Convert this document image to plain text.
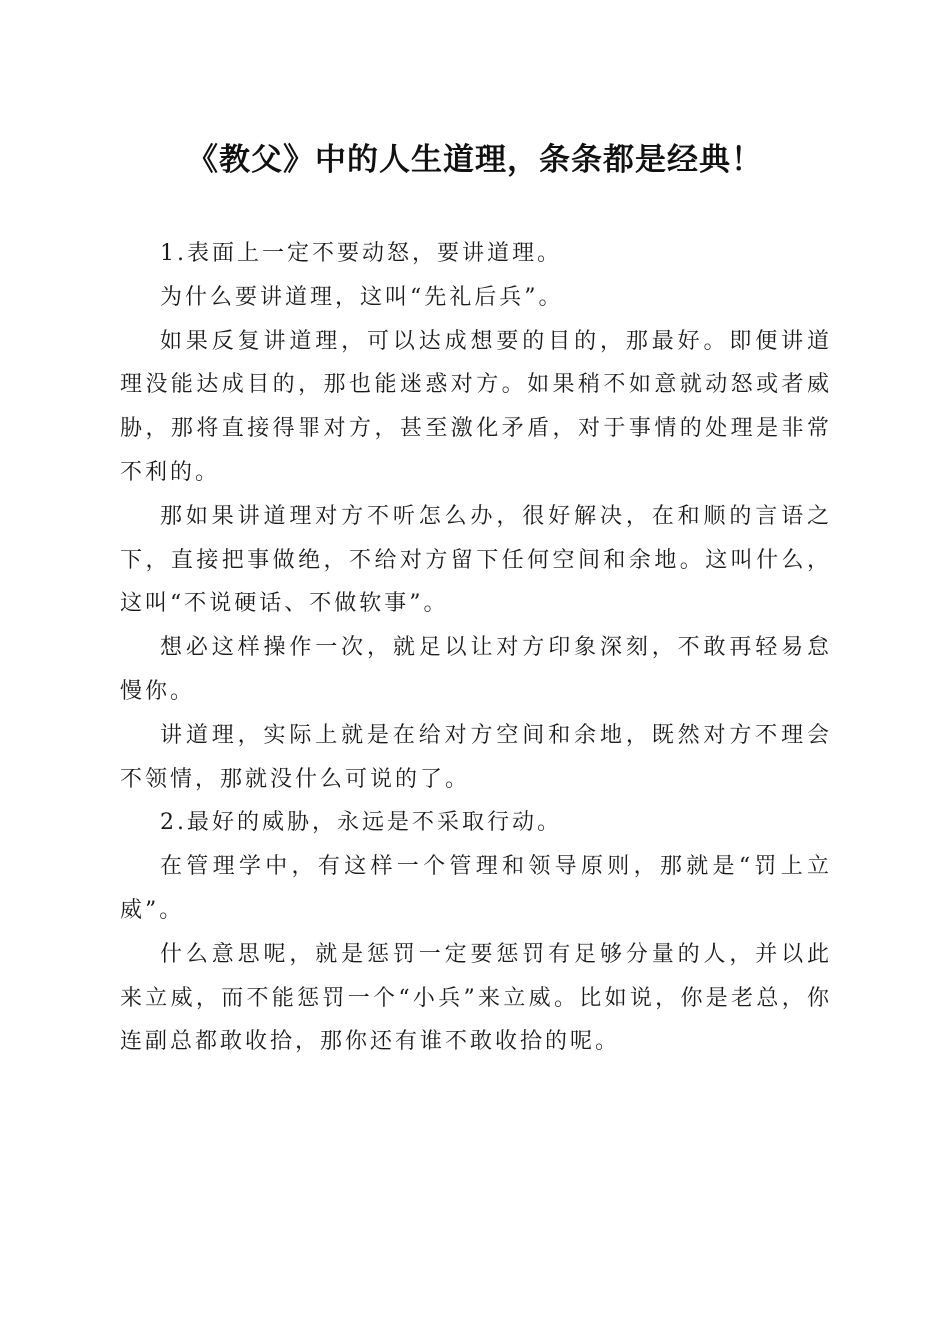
《教父》中的人生道理，条条都是经典！

1.表面上一定不要动怒，要讲道理。

为什么要讲道理，这叫“先礼后兵”。

如果反复讲道理，可以达成想要的目的，那最好。即便讲道理没能达成目的，那也能迷惑对方。如果稍不如意就动怒或者威胁，那将直接得罪对方，甚至激化矛盾，对于事情的处理是非常不利的。

那如果讲道理对方不听怎么办，很好解决，在和顺的言语之下，直接把事做绝，不给对方留下任何空间和余地。这叫什么，这叫“不说硬话、不做软事”。

想必这样操作一次，就足以让对方印象深刻，不敢再轻易怠慢你。

讲道理，实际上就是在给对方空间和余地，既然对方不理会不领情，那就没什么可说的了。

2.最好的威胁，永远是不采取行动。

在管理学中，有这样一个管理和领导原则，那就是“罚上立威”。

什么意思呢，就是惩罚一定要惩罚有足够分量的人，并以此来立威，而不能惩罚一个“小兵”来立威。比如说，你是老总，你连副总都敢收拾，那你还有谁不敢收拾的呢。
